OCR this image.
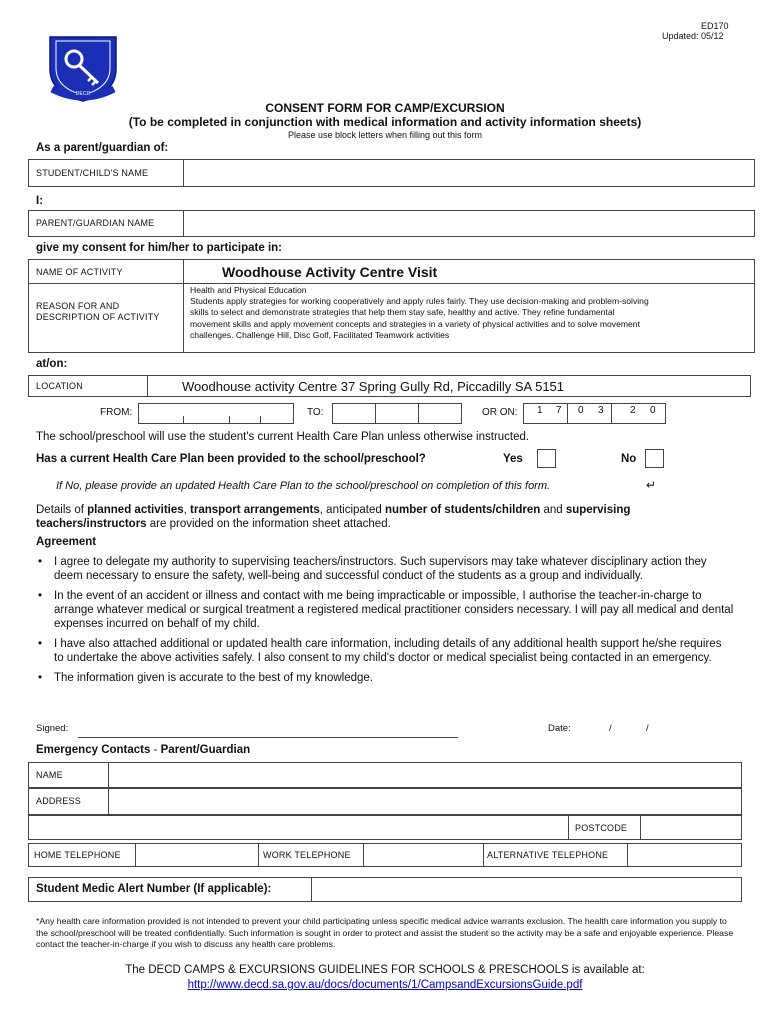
ED170
Updated: 05/12
DECD
CONSENT FORM FOR CAMP/EXCURSION
(To be completed in conjunction with medical information and activity information sheets)
Please use block letters when filling out this form
As a parent/guardian of:
STUDENT/CHILD'S NAME
I:
PARENT/GUARDIAN NAME
give my consent for him/her to participate in:
NAME OF ACTIVITY	Woodhouse Activity Centre Visit
REASON FOR AND
DESCRIPTION OF ACTIVITY
Health and Physical Education
Students apply strategies for working cooperatively and apply rules fairly. They use decision-making and problem-solving
skills to select and demonstrate strategies that help them stay safe, healthy and active. They refine fundamental
movement skills and apply movement concepts and strategies in a variety of physical activities and to solve movement
challenges. Challenge Hill, Disc Golf, Facilitated Teamwork activities
at/on:
LOCATION	Woodhouse activity Centre 37 Spring Gully Rd, Piccadilly SA 5151
FROM:	TO:	OR ON: 1 7 0 3	2 0
The school/preschool will use the student's current Health Care Plan unless otherwise instructed.
Has a current Health Care Plan been provided to the school/preschool?	Yes	No
If No, please provide an updated Health Care Plan to the school/preschool on completion of this form.	↵
Details of planned activities, transport arrangements, anticipated number of students/children and supervising
teachers/instructors are provided on the information sheet attached.
Agreement
• I agree to delegate my authority to supervising teachers/instructors. Such supervisors may take whatever disciplinary action they deem necessary to ensure the safety, well-being and successful conduct of the students as a group and individually.
• In the event of an accident or illness and contact with me being impracticable or impossible, I authorise the teacher-in-charge to arrange whatever medical or surgical treatment a registered medical practitioner considers necessary. I will pay all medical and dental expenses incurred on behalf of my child.
• I have also attached additional or updated health care information, including details of any additional health support he/she requires to undertake the above activities safely. I also consent to my child's doctor or medical specialist being contacted in an emergency.
• The information given is accurate to the best of my knowledge.
Signed:	Date:	/	/
Emergency Contacts - Parent/Guardian
NAME
ADDRESS
POSTCODE
HOME TELEPHONE	WORK TELEPHONE	ALTERNATIVE TELEPHONE
Student Medic Alert Number (If applicable):
*Any health care information provided is not intended to prevent your child participating unless specific medical advice warrants exclusion. The health care information you supply to the school/preschool will be treated confidentially. Such information is sought in order to protect and assist the student so the activity may be a safe and enjoyable experience. Please contact the teacher-in-charge if you wish to discuss any health care problems.
The DECD CAMPS & EXCURSIONS GUIDELINES FOR SCHOOLS & PRESCHOOLS is available at:
http://www.decd.sa.gov.au/docs/documents/1/CampsandExcursionsGuide.pdf
